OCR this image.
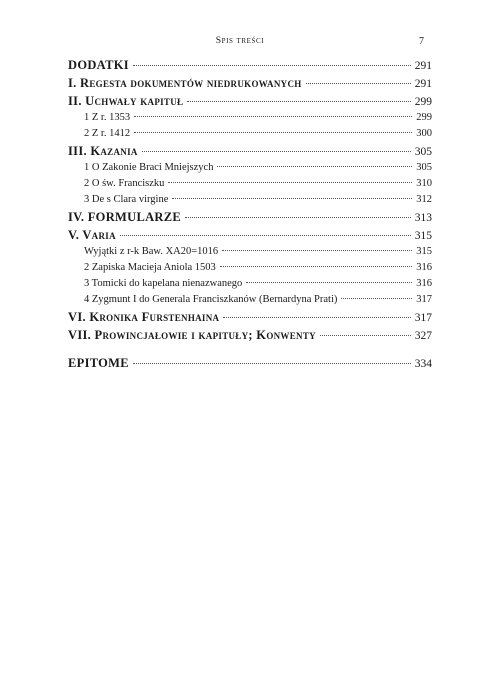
Spis treści	7
DODATKI	291
I. Regesta dokumentów niedrukowanych	291
II. Uchwały kapituł	299
1 Z r. 1353	299
2 Z r. 1412	300
III. Kazania	305
1 O Zakonie Braci Mniejszych	305
2 O św. Franciszku	310
3 De s Clara virgine	312
IV. FORMULARZE	313
V. Varia	315
Wyjątki z r-k Baw. XA20=1016	315
2 Zapiska Macieja Aniola 1503	316
3 Tomicki do kapelana nienazwanego	316
4 Zygmunt I do Generala Franciszkanów (Bernardyna Prati)	317
VI. Kronika Furstenhaina	317
VII. Prowincjałowie i kapituły; Konwenty	327
EPITOME	334
